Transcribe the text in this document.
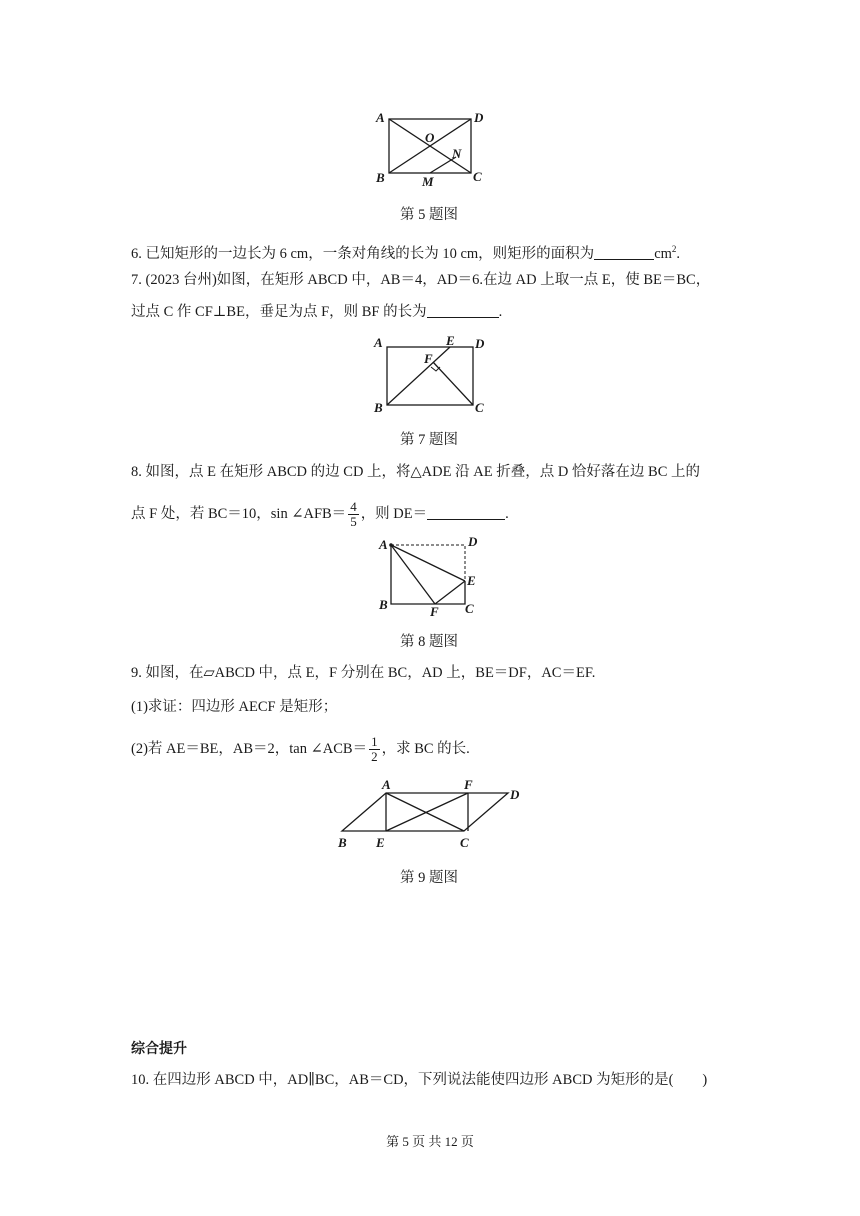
A	D
O
N
B	M	C
第 5 题图
6. 已知矩形的一边长为 6 cm，一条对角线的长为 10 cm，则矩形的面积为	$cm^2$.
7. (2023 台州)如图，在矩形 ABCD 中，AB＝4，AD＝6.在边 AD 上取一点 E，使 BE＝BC，
过点 C 作 CF⊥BE，垂足为点 F，则 BF 的长为	.
A	E D
F
B	C
第 7 题图
8. 如图，点 E 在矩形 ABCD 的边 CD 上，将△ADE 沿 AE 折叠，点 D 恰好落在边 BC 上的
点 F 处，若 BC＝10，sin ∠AFB＝ $\frac{4}{5}$ ，则 DE＝	.
A	D
E
B	F C
第 8 题图
9. 如图，在▱ABCD 中，点 E，F 分别在 BC，AD 上，BE＝DF，AC＝EF.
(1)求证：四边形 AECF 是矩形；
(2)若 AE＝BE，AB＝2，tan ∠ACB＝ $\frac{1}{2}$ ，求 BC 的长.
A	F
D
B E	C
第 9 题图
综合提升
10. 在四边形 ABCD 中，AD∥BC，AB＝CD，下列说法能使四边形 ABCD 为矩形的是(　　)
第 5 页 共 12 页
